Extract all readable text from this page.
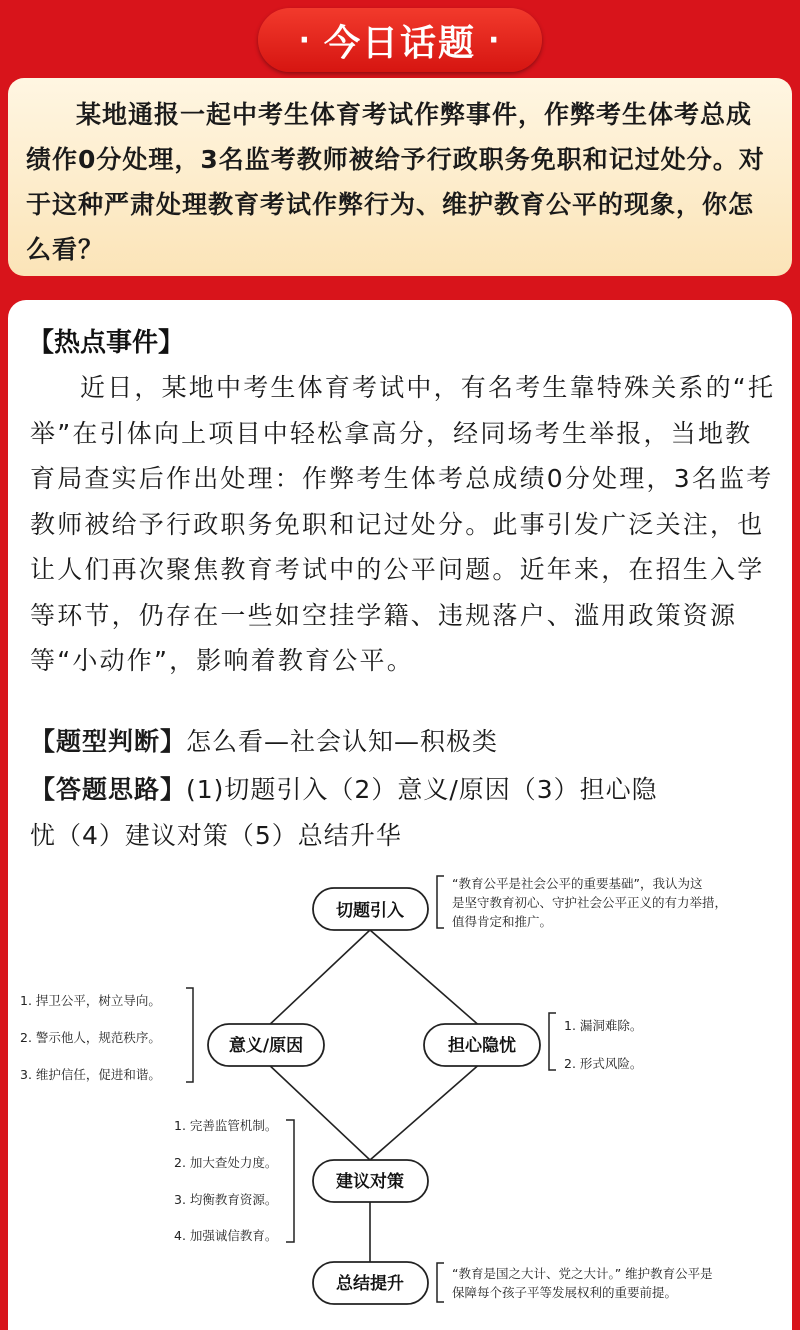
· 今日话题 ·

某地通报一起中考生体育考试作弊事件，作弊考生体考总成绩作0分处理，3名监考教师被给予行政职务免职和记过处分。对于这种严肃处理教育考试作弊行为、维护教育公平的现象，你怎么看？

【热点事件】

近日，某地中考生体育考试中，有名考生靠特殊关系的“托举”在引体向上项目中轻松拿高分，经同场考生举报，当地教育局查实后作出处理：作弊考生体考总成绩0分处理，3名监考教师被给予行政职务免职和记过处分。此事引发广泛关注，也让人们再次聚焦教育考试中的公平问题。近年来，在招生入学等环节，仍存在一些如空挂学籍、违规落户、滥用政策资源等“小动作”，影响着教育公平。

【题型判断】怎么看—社会认知—积极类
【答题思路】(1)切题引入（2）意义/原因（3）担心隐
忧（4）建议对策（5）总结升华
切题引入
意义/原因	担心隐忧
建议对策
总结提升
“教育公平是社会公平的重要基础”，我认为这
是坚守教育初心、守护社会公平正义的有力举措，
值得肯定和推广。
1. 捍卫公平，树立导向。
2. 警示他人，规范秩序。
3. 维护信任，促进和谐。
1. 漏洞难除。
2. 形式风险。
1. 完善监管机制。
2. 加大查处力度。
3. 均衡教育资源。
4. 加强诚信教育。
“教育是国之大计、党之大计。” 维护教育公平是
保障每个孩子平等发展权利的重要前提。
